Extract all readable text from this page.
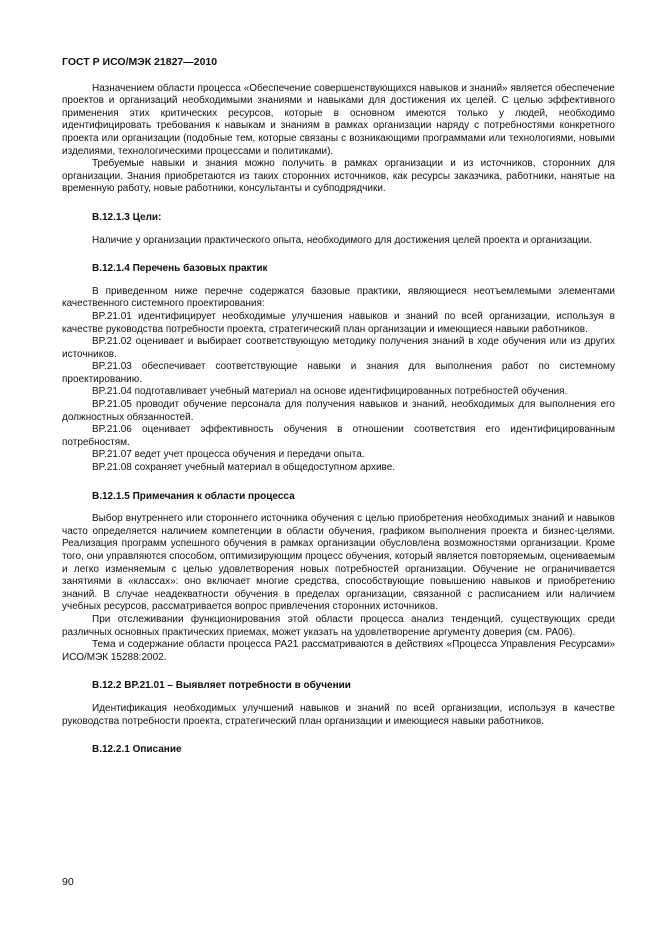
ГОСТ Р ИСО/МЭК 21827—2010

Назначением области процесса «Обеспечение совершенствующихся навыков и знаний» является обеспечение проектов и организаций необходимыми знаниями и навыками для достижения их целей. С целью эффективного применения этих критических ресурсов, которые в основном имеются только у людей, необходимо идентифицировать требования к навыкам и знаниям в рамках организации наряду с потребностями конкретного проекта или организации (подобные тем, которые связаны с возникающими программами или технологиями, новыми изделиями, технологическими процессами и политиками).

Требуемые навыки и знания можно получить в рамках организации и из источников, сторонних для организации. Знания приобретаются из таких сторонних источников, как ресурсы заказчика, работники, нанятые на временную работу, новые работники, консультанты и субподрядчики.

В.12.1.3 Цели:

Наличие у организации практического опыта, необходимого для достижения целей проекта и организации.

В.12.1.4 Перечень базовых практик

В приведенном ниже перечне содержатся базовые практики, являющиеся неотъемлемыми элементами качественного системного проектирования:

BP.21.01 идентифицирует необходимые улучшения навыков и знаний по всей организации, используя в качестве руководства потребности проекта, стратегический план организации и имеющиеся навыки работников.

BP.21.02 оценивает и выбирает соответствующую методику получения знаний в ходе обучения или из других источников.

BP.21.03 обеспечивает соответствующие навыки и знания для выполнения работ по системному проектированию.

BP.21.04 подготавливает учебный материал на основе идентифицированных потребностей обучения.

BP.21.05 проводит обучение персонала для получения навыков и знаний, необходимых для выполнения его должностных обязанностей.

BP.21.06 оценивает эффективность обучения в отношении соответствия его идентифицированным потребностям.

BP.21.07 ведет учет процесса обучения и передачи опыта.

BP.21.08 сохраняет учебный материал в общедоступном архиве.

В.12.1.5 Примечания к области процесса

Выбор внутреннего или стороннего источника обучения с целью приобретения необходимых знаний и навыков часто определяется наличием компетенции в области обучения, графиком выполнения проекта и бизнес-целями. Реализация программ успешного обучения в рамках организации обусловлена возможностями организации. Кроме того, они управляются способом, оптимизирующим процесс обучения, который является повторяемым, оцениваемым и легко изменяемым с целью удовлетворения новых потребностей организации. Обучение не ограничивается занятиями в «классах»: оно включает многие средства, способствующие повышению навыков и приобретению знаний. В случае неадекватности обучения в пределах организации, связанной с расписанием или наличием учебных ресурсов, рассматривается вопрос привлечения сторонних источников.

При отслеживании функционирования этой области процесса анализ тенденций, существующих среди различных основных практических приемах, может указать на удовлетворение аргументу доверия (см. РА06).

Тема и содержание области процесса РА21 рассматриваются в действиях «Процесса Управления Ресурсами» ИСО/МЭК 15288:2002.

В.12.2 BP.21.01 – Выявляет потребности в обучении

Идентификация необходимых улучшений навыков и знаний по всей организации, используя в качестве руководства потребности проекта, стратегический план организации и имеющиеся навыки работников.

В.12.2.1 Описание
90
